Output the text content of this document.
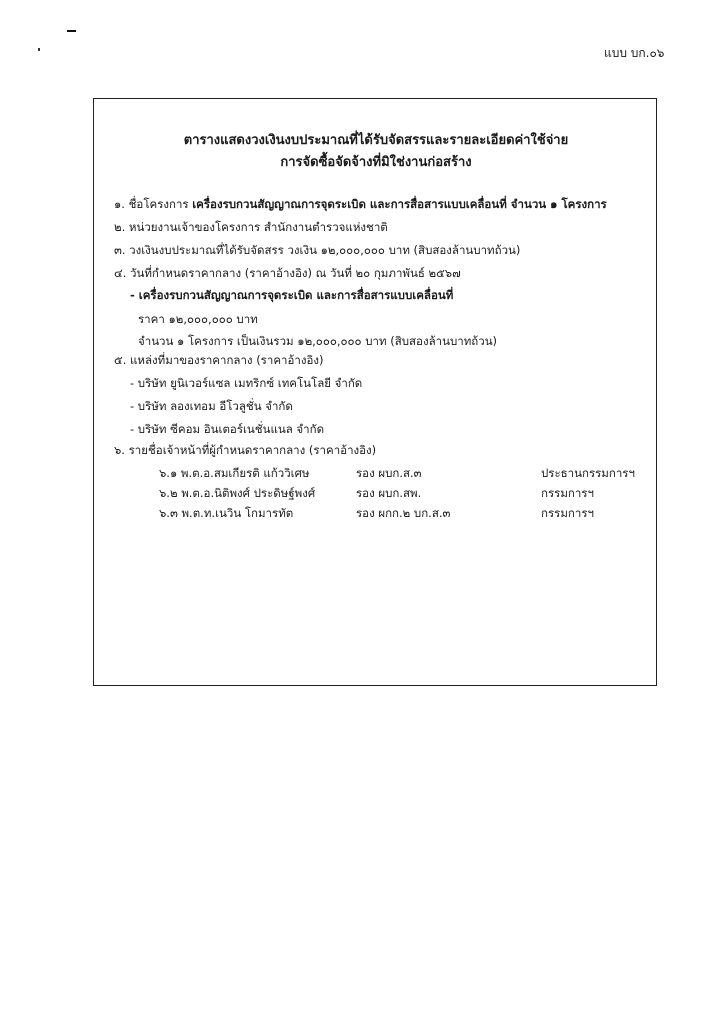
แบบ บก.๐๖
ตารางแสดงวงเงินงบประมาณที่ได้รับจัดสรรและรายละเอียดค่าใช้จ่าย
การจัดซื้อจัดจ้างที่มิใช่งานก่อสร้าง
๑. ชื่อโครงการ เครื่องรบกวนสัญญาณการจุดระเบิด และการสื่อสารแบบเคลื่อนที่ จำนวน ๑ โครงการ
๒. หน่วยงานเจ้าของโครงการ สำนักงานตำรวจแห่งชาติ
๓. วงเงินงบประมาณที่ได้รับจัดสรร วงเงิน ๑๒,๐๐๐,๐๐๐ บาท (สิบสองล้านบาทถ้วน)
๔. วันที่กำหนดราคากลาง (ราคาอ้างอิง) ณ วันที่ ๒๐ กุมภาพันธ์ ๒๕๖๗
- เครื่องรบกวนสัญญาณการจุดระเบิด และการสื่อสารแบบเคลื่อนที่
ราคา ๑๒,๐๐๐,๐๐๐ บาท
จำนวน ๑ โครงการ เป็นเงินรวม ๑๒,๐๐๐,๐๐๐ บาท (สิบสองล้านบาทถ้วน)
๕. แหล่งที่มาของราคากลาง (ราคาอ้างอิง)
- บริษัท ยูนิเวอร์แซล เมทริกซ์ เทคโนโลยี จำกัด
- บริษัท ลองเทอม อีโวลูชั่น จำกัด
- บริษัท ซีคอม อินเตอร์เนชั่นแนล จำกัด
๖. รายชื่อเจ้าหน้าที่ผู้กำหนดราคากลาง (ราคาอ้างอิง)
๖.๑ พ.ต.อ.สมเกียรติ แก้ววิเศษ	รอง ผบก.ส.๓	ประธานกรรมการฯ
๖.๒ พ.ต.อ.นิติพงศ์ ประดิษฐ์พงศ์	รอง ผบก.สพ.	กรรมการฯ
๖.๓ พ.ต.ท.เนวิน โกมารทัต	รอง ผกก.๒ บก.ส.๓	กรรมการฯ
